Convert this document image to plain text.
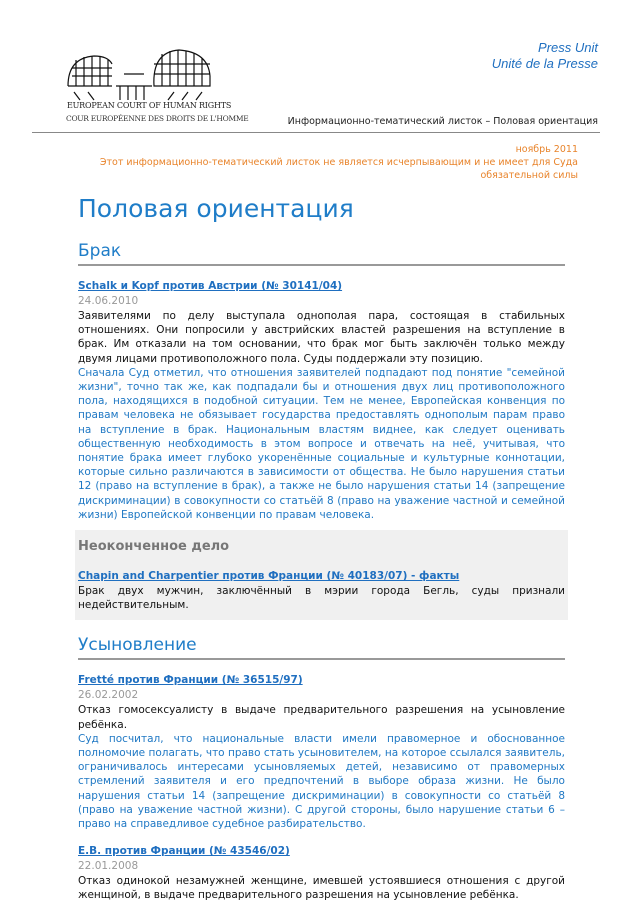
EUROPEAN COURT OF HUMAN RIGHTS
COUR EUROPÉENNE DES DROITS DE L'HOMME
Press Unit
Unité de la Presse
Информационно-тематический листок – Половая ориентация
ноябрь 2011
Этот информационно-тематический листок не является исчерпывающим и не имеет для Суда обязательной силы
Половая ориентация
Брак
Schalk и Kopf против Австрии (№ 30141/04)
24.06.2010

Заявителями по делу выступала однополая пара, состоящая в стабильных отношениях. Они попросили у австрийских властей разрешения на вступление в брак. Им отказали на том основании, что брак мог быть заключён только между двумя лицами противоположного пола. Суды поддержали эту позицию.

Сначала Суд отметил, что отношения заявителей подпадают под понятие "семейной жизни", точно так же, как подпадали бы и отношения двух лиц противоположного пола, находящихся в подобной ситуации. Тем не менее, Европейская конвенция по правам человека не обязывает государства предоставлять однополым парам право на вступление в брак. Национальным властям виднее, как следует оценивать общественную необходимость в этом вопросе и отвечать на неё, учитывая, что понятие брака имеет глубоко укоренённые социальные и культурные коннотации, которые сильно различаются в зависимости от общества. Не было нарушения статьи 12 (право на вступление в брак), а также не было нарушения статьи 14 (запрещение дискриминации) в совокупности со статьёй 8 (право на уважение частной и семейной жизни) Европейской конвенции по правам человека.

Неоконченное дело
Chapin and Charpentier против Франции (№ 40183/07) - факты

Брак двух мужчин, заключённый в мэрии города Бегль, суды признали недействительным.

Усыновление
Fretté против Франции (№ 36515/97)
26.02.2002

Отказ гомосексуалисту в выдаче предварительного разрешения на усыновление ребёнка.

Суд посчитал, что национальные власти имели правомерное и обоснованное полномочие полагать, что право стать усыновителем, на которое ссылался заявитель, ограничивалось интересами усыновляемых детей, независимо от правомерных стремлений заявителя и его предпочтений в выборе образа жизни. Не было нарушения статьи 14 (запрещение дискриминации) в совокупности со статьёй 8 (право на уважение частной жизни). С другой стороны, было нарушение статьи 6 – право на справедливое судебное разбирательство.

E.B. против Франции (№ 43546/02)
22.01.2008

Отказ одинокой незамужней женщине, имевшей устоявшиеся отношения с другой женщиной, в выдаче предварительного разрешения на усыновление ребёнка.
